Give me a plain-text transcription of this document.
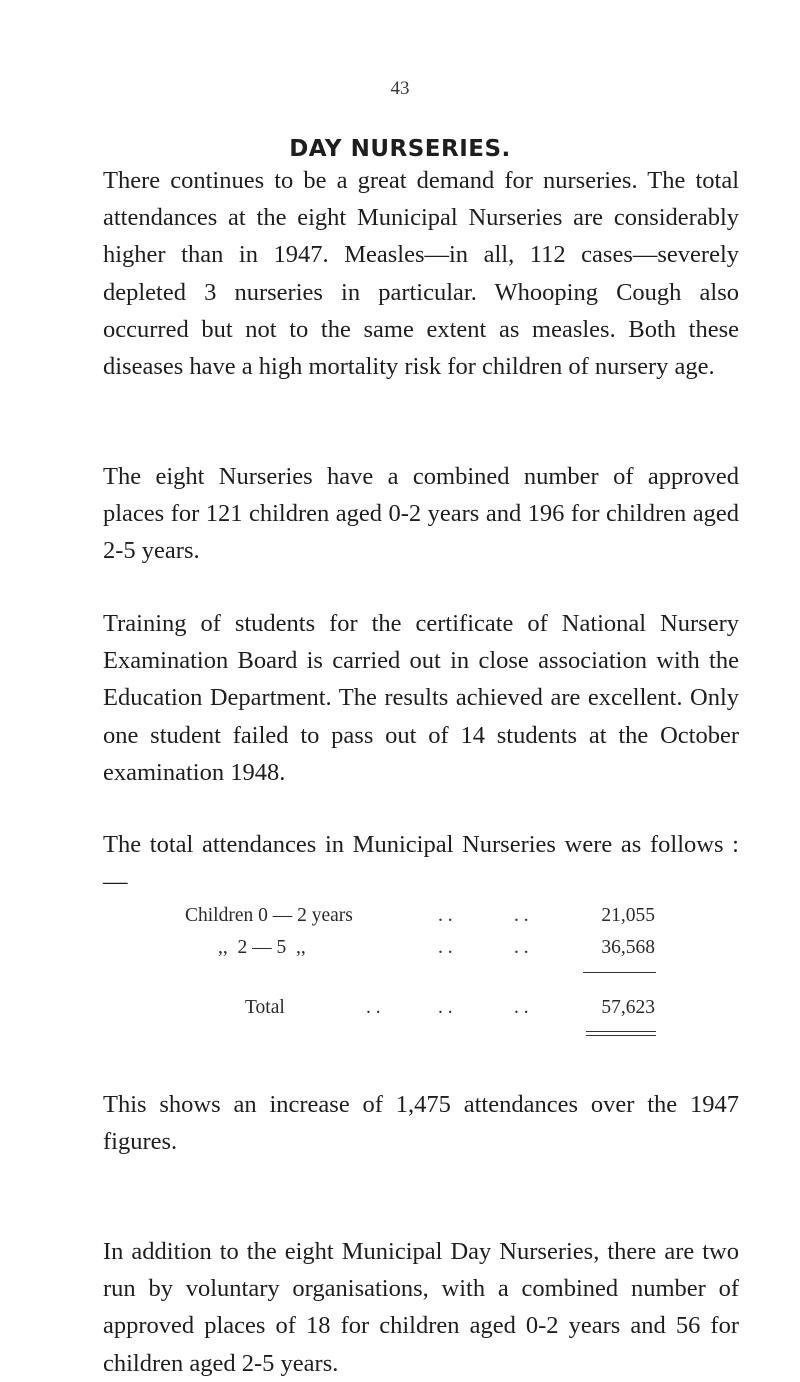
43
DAY NURSERIES.

There continues to be a great demand for nurseries. The total attendances at the eight Municipal Nurseries are considerably higher than in 1947. Measles—in all, 112 cases—severely depleted 3 nurseries in particular. Whooping Cough also occurred but not to the same extent as measles. Both these diseases have a high mortality risk for children of nursery age.

The eight Nurseries have a combined number of approved places for 121 children aged 0-2 years and 196 for children aged 2-5 years.

Training of students for the certificate of National Nursery Examination Board is carried out in close association with the Education Department. The results achieved are excellent. Only one student failed to pass out of 14 students at the October examination 1948.

The total attendances in Municipal Nurseries were as follows :—

Children 0 — 2 years	. .	. .	21,055
,,  2 — 5  ,,	. .	. .	36,568
Total	. .	. .	. .	57,623

This shows an increase of 1,475 attendances over the 1947 figures.

In addition to the eight Municipal Day Nurseries, there are two run by voluntary organisations, with a combined number of approved places of 18 for children aged 0-2 years and 56 for children aged 2-5 years.
